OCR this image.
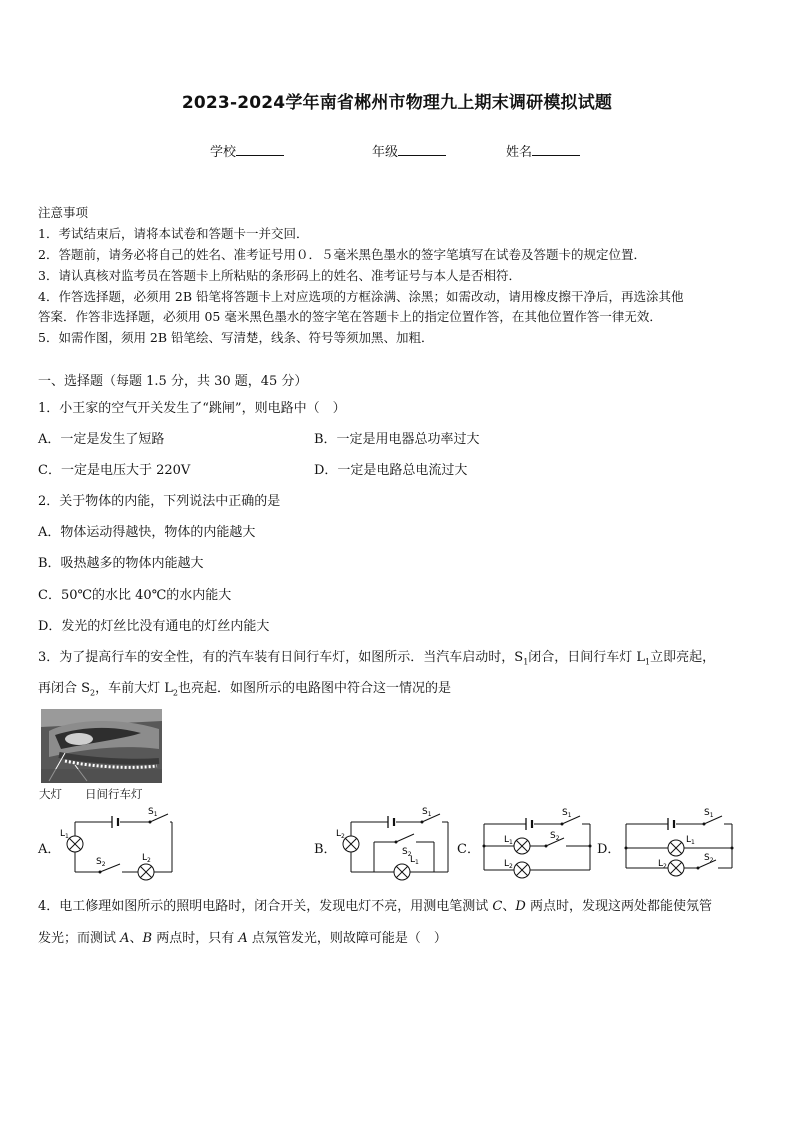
2023-2024学年南省郴州市物理九上期末调研模拟试题
学校	年级	姓名
注意事项
1．考试结束后，请将本试卷和答题卡一并交回．
2．答题前，请务必将自己的姓名、准考证号用０．５毫米黑色墨水的签字笔填写在试卷及答题卡的规定位置．
3．请认真核对监考员在答题卡上所粘贴的条形码上的姓名、准考证号与本人是否相符．
4．作答选择题，必须用 2B 铅笔将答题卡上对应选项的方框涂满、涂黑；如需改动，请用橡皮擦干净后，再选涂其他
答案．作答非选择题，必须用 05 毫米黑色墨水的签字笔在答题卡上的指定位置作答，在其他位置作答一律无效．
5．如需作图，须用 2B 铅笔绘、写清楚，线条、符号等须加黑、加粗．
一、选择题（每题 1.5 分，共 30 题，45 分）
1．小王家的空气开关发生了“跳闸”，则电路中（　）
A．一定是发生了短路	B．一定是用电器总功率过大
C．一定是电压大于 220V	D．一定是电路总电流过大
2．关于物体的内能，下列说法中正确的是
A．物体运动得越快，物体的内能越大
B．吸热越多的物体内能越大
C．50℃的水比 40℃的水内能大
D．发光的灯丝比没有通电的灯丝内能大
3．为了提高行车的安全性，有的汽车装有日间行车灯，如图所示．当汽车启动时，$S_1$闭合，日间行车灯 $L_1$立即亮起，
再闭合 $S_2$，车前大灯 $L_2$也亮起．如图所示的电路图中符合这一情况的是
大灯 日间行车灯
A．
$L_1$
$S_1$
$S_2$
$L_2$
B．
$L_2$
$S_1$
$S_2$
$L_1$
C．
$L_1$
$L_2$
$S_1$
$S_2$
D．
$L_1$
$L_2$
$S_1$
$S_2$
4．电工修理如图所示的照明电路时，闭合开关，发现电灯不亮，用测电笔测试 C、D 两点时，发现这两处都能使氖管
发光；而测试 A、B 两点时，只有 A 点氖管发光，则故障可能是（　）
